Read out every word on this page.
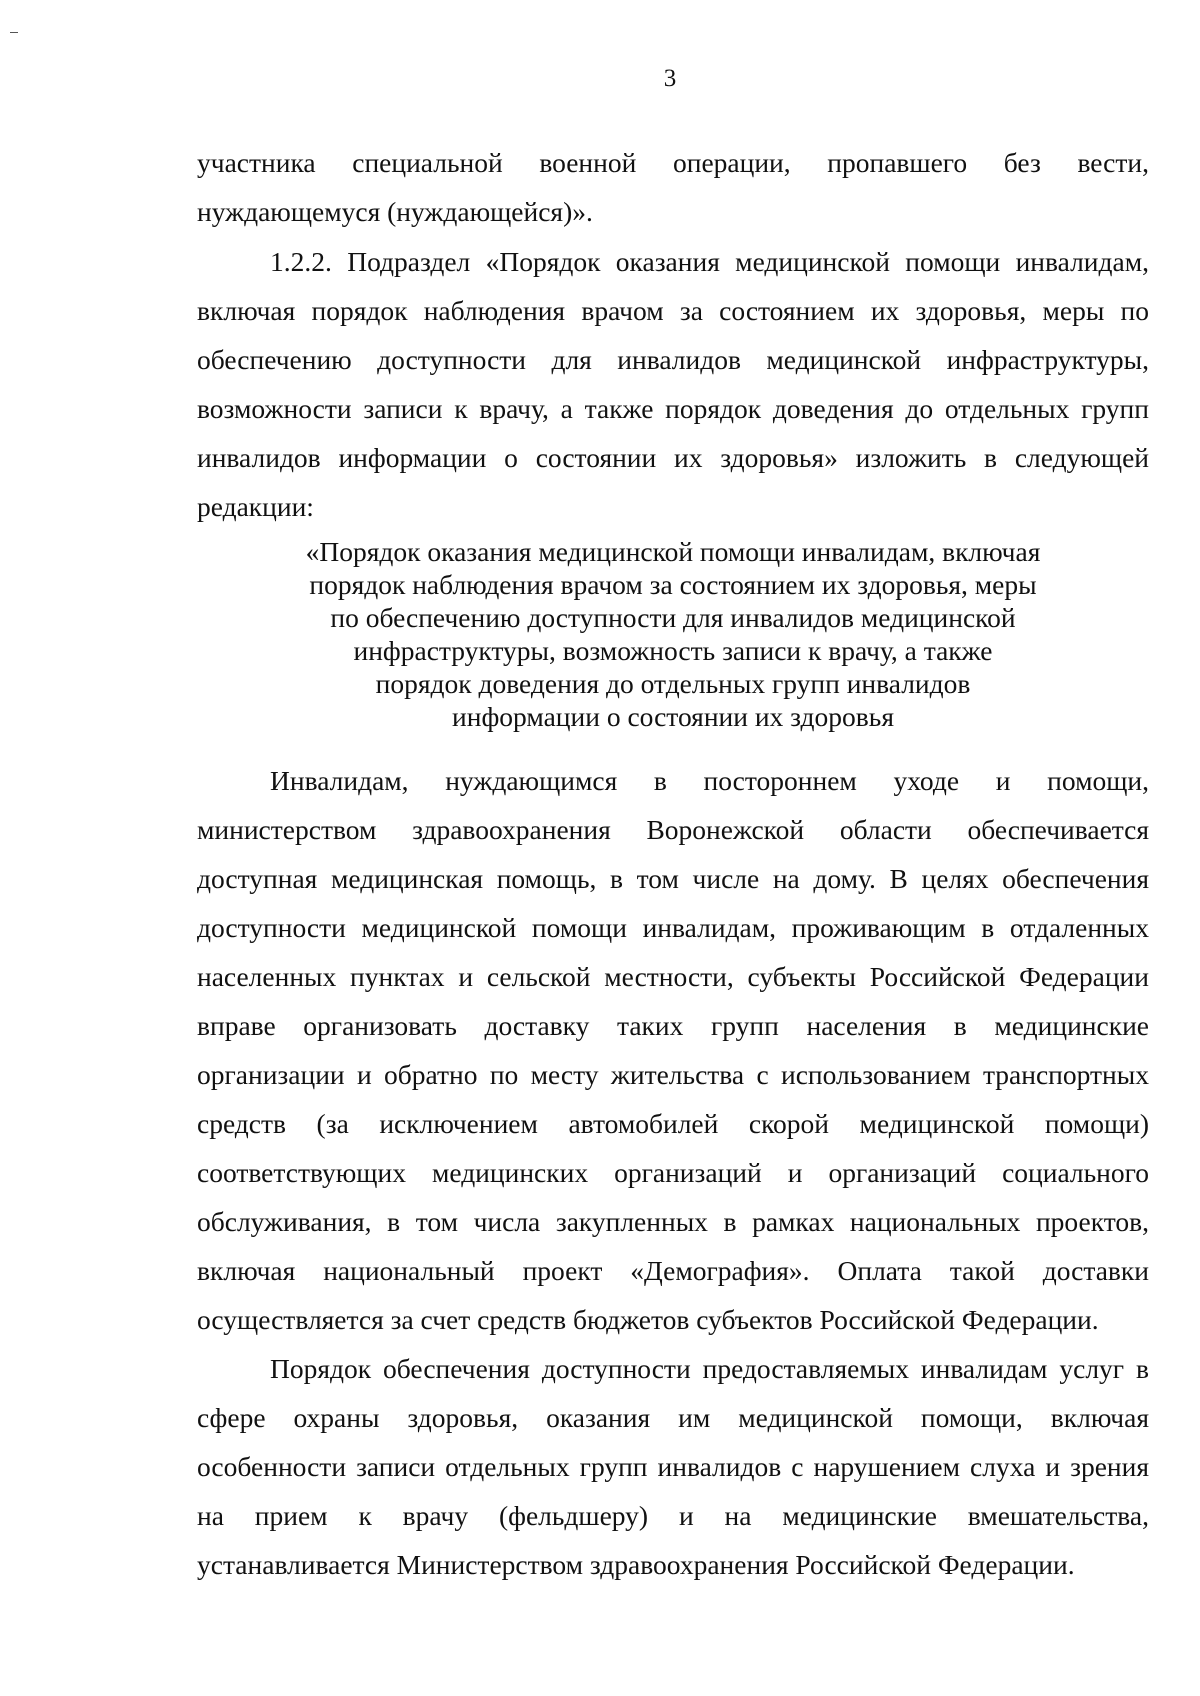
3

участника специальной военной операции, пропавшего без вести, нуждающемуся (нуждающейся)».

1.2.2. Подраздел «Порядок оказания медицинской помощи инвалидам, включая порядок наблюдения врачом за состоянием их здоровья, меры по обеспечению доступности для инвалидов медицинской инфраструктуры, возможности записи к врачу, а также порядок доведения до отдельных групп инвалидов информации о состоянии их здоровья» изложить в следующей редакции:

«Порядок оказания медицинской помощи инвалидам, включая
порядок наблюдения врачом за состоянием их здоровья, меры
по обеспечению доступности для инвалидов медицинской
инфраструктуры, возможность записи к врачу, а также
порядок доведения до отдельных групп инвалидов
информации о состоянии их здоровья

Инвалидам, нуждающимся в постороннем уходе и помощи, министерством здравоохранения Воронежской области обеспечивается доступная медицинская помощь, в том числе на дому. В целях обеспечения доступности медицинской помощи инвалидам, проживающим в отдаленных населенных пунктах и сельской местности, субъекты Российской Федерации вправе организовать доставку таких групп населения в медицинские организации и обратно по месту жительства с использованием транспортных средств (за исключением автомобилей скорой медицинской помощи) соответствующих медицинских организаций и организаций социального обслуживания, в том числа закупленных в рамках национальных проектов, включая национальный проект «Демография». Оплата такой доставки осуществляется за счет средств бюджетов субъектов Российской Федерации.

Порядок обеспечения доступности предоставляемых инвалидам услуг в сфере охраны здоровья, оказания им медицинской помощи, включая особенности записи отдельных групп инвалидов с нарушением слуха и зрения на прием к врачу (фельдшеру) и на медицинские вмешательства, устанавливается Министерством здравоохранения Российской Федерации.
